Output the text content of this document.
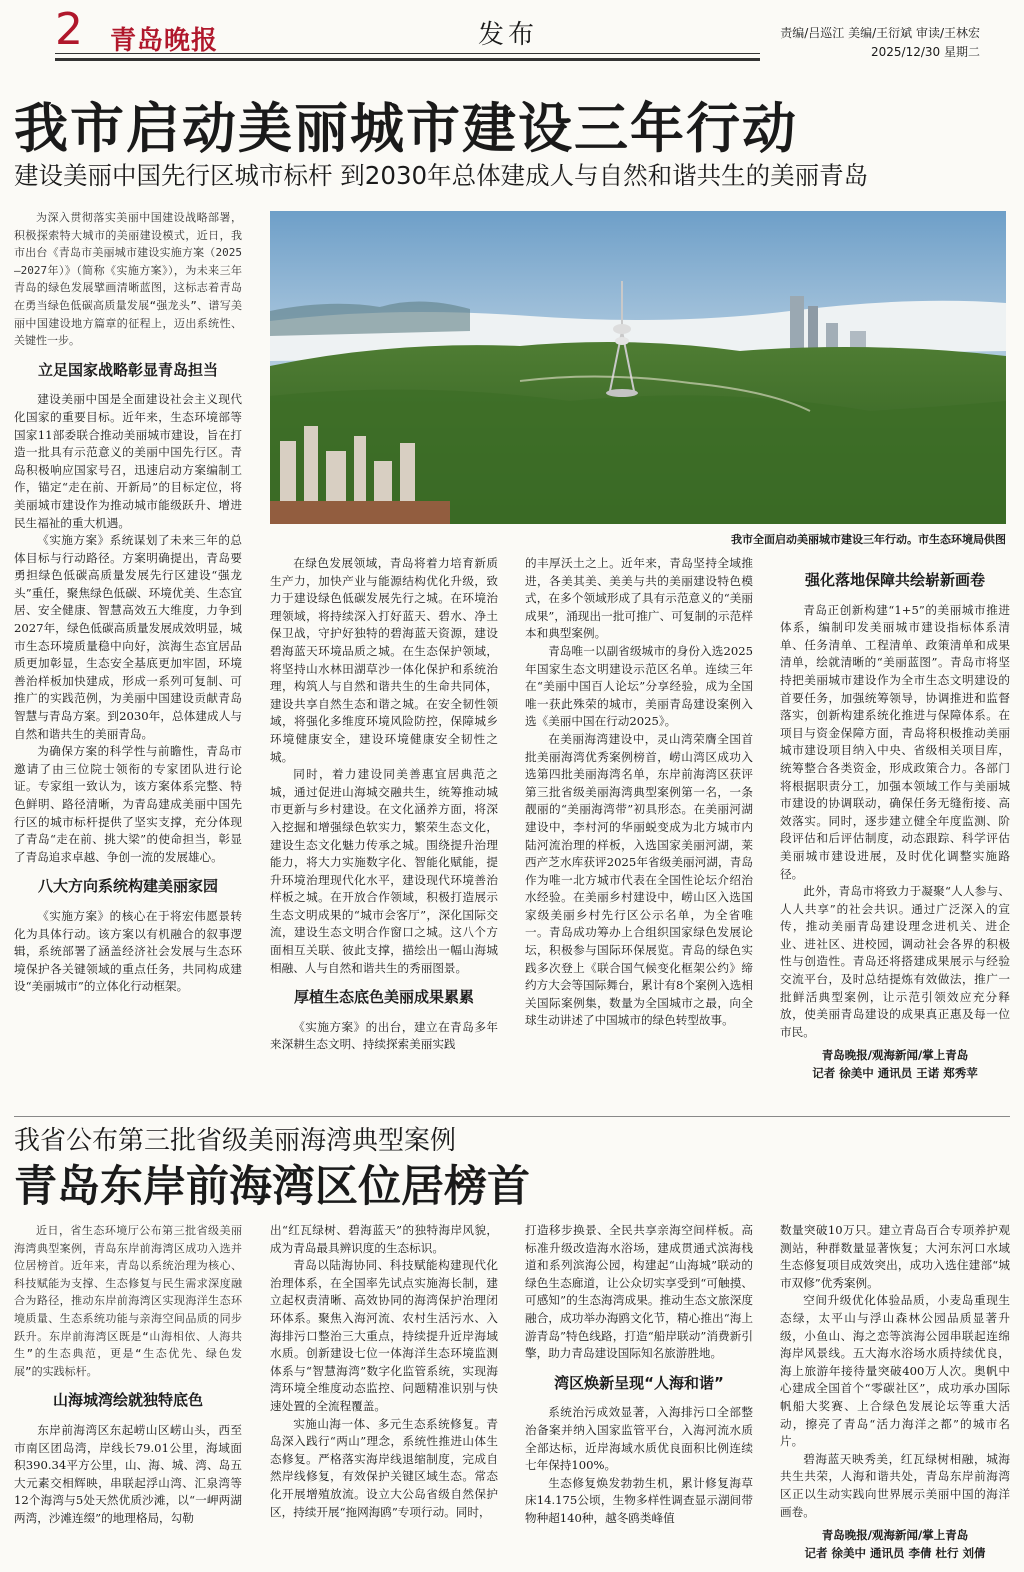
2 青岛晚报	发布	责编/吕巡江 美编/王衍斌 审读/王林宏
2025/12/30 星期二
我市启动美丽城市建设三年行动
建设美丽中国先行区城市标杆 到2030年总体建成人与自然和谐共生的美丽青岛

为深入贯彻落实美丽中国建设战略部署，积极探索特大城市的美丽建设模式，近日，我市出台《青岛市美丽城市建设实施方案（2025—2027年）》（简称《实施方案》），为未来三年青岛的绿色发展擘画清晰蓝图，这标志着青岛在勇当绿色低碳高质量发展“强龙头”、谱写美丽中国建设地方篇章的征程上，迈出系统性、关键性一步。

立足国家战略彰显青岛担当

建设美丽中国是全面建设社会主义现代化国家的重要目标。近年来，生态环境部等国家11部委联合推动美丽城市建设，旨在打造一批具有示范意义的美丽中国先行区。青岛积极响应国家号召，迅速启动方案编制工作，锚定“走在前、开新局”的目标定位，将美丽城市建设作为推动城市能级跃升、增进民生福祉的重大机遇。

《实施方案》系统谋划了未来三年的总体目标与行动路径。方案明确提出，青岛要勇担绿色低碳高质量发展先行区建设“强龙头”重任，聚焦绿色低碳、环境优美、生态宜居、安全健康、智慧高效五大维度，力争到2027年，绿色低碳高质量发展成效明显，城市生态环境质量稳中向好，滨海生态宜居品质更加彰显，生态安全基底更加牢固，环境善治样板加快建成，形成一系列可复制、可推广的实践范例，为美丽中国建设贡献青岛智慧与青岛方案。到2030年，总体建成人与自然和谐共生的美丽青岛。

为确保方案的科学性与前瞻性，青岛市邀请了由三位院士领衔的专家团队进行论证。专家组一致认为，该方案体系完整、特色鲜明、路径清晰，为青岛建成美丽中国先行区的城市标杆提供了坚实支撑，充分体现了青岛“走在前、挑大梁”的使命担当，彰显了青岛追求卓越、争创一流的发展雄心。

八大方向系统构建美丽家园

《实施方案》的核心在于将宏伟愿景转化为具体行动。该方案以有机融合的叙事逻辑，系统部署了涵盖经济社会发展与生态环境保护各关键领域的重点任务，共同构成建设“美丽城市”的立体化行动框架。

我市全面启动美丽城市建设三年行动。市生态环境局供图

在绿色发展领域，青岛将着力培育新质生产力，加快产业与能源结构优化升级，致力于建设绿色低碳发展先行之城。在环境治理领域，将持续深入打好蓝天、碧水、净土保卫战，守护好独特的碧海蓝天资源，建设碧海蓝天环境品质之城。在生态保护领域，将坚持山水林田湖草沙一体化保护和系统治理，构筑人与自然和谐共生的生命共同体，建设共享自然生态和谐之城。在安全韧性领域，将强化多维度环境风险防控，保障城乡环境健康安全，建设环境健康安全韧性之城。

同时，着力建设同美善惠宜居典范之城，通过促进山海城交融共生，统筹推动城市更新与乡村建设。在文化涵养方面，将深入挖掘和增强绿色软实力，繁荣生态文化，建设生态文化魅力传承之城。围绕提升治理能力，将大力实施数字化、智能化赋能，提升环境治理现代化水平，建设现代环境善治样板之城。在开放合作领域，积极打造展示生态文明成果的“城市会客厅”，深化国际交流，建设生态文明合作窗口之城。这八个方面相互关联、彼此支撑，描绘出一幅山海城相融、人与自然和谐共生的秀丽图景。

厚植生态底色美丽成果累累

《实施方案》的出台，建立在青岛多年来深耕生态文明、持续探索美丽实践

的丰厚沃土之上。近年来，青岛坚持全域推进，各美其美、美美与共的美丽建设特色模式，在多个领域形成了具有示范意义的“美丽成果”，涌现出一批可推广、可复制的示范样本和典型案例。

青岛唯一以副省级城市的身份入选2025年国家生态文明建设示范区名单。连续三年在“美丽中国百人论坛”分享经验，成为全国唯一获此殊荣的城市，美丽青岛建设案例入选《美丽中国在行动2025》。

在美丽海湾建设中，灵山湾荣膺全国首批美丽海湾优秀案例榜首，崂山湾区成功入选第四批美丽海湾名单，东岸前海湾区获评第三批省级美丽海湾典型案例第一名，一条靓丽的“美丽海湾带”初具形态。在美丽河湖建设中，李村河的华丽蜕变成为北方城市内陆河流治理的样板，入选国家美丽河湖，莱西产芝水库获评2025年省级美丽河湖，青岛作为唯一北方城市代表在全国性论坛介绍治水经验。在美丽乡村建设中，崂山区入选国家级美丽乡村先行区公示名单，为全省唯一。青岛成功筹办上合组织国家绿色发展论坛，积极参与国际环保展览。青岛的绿色实践多次登上《联合国气候变化框架公约》缔约方大会等国际舞台，累计有8个案例入选相关国际案例集，数量为全国城市之最，向全球生动讲述了中国城市的绿色转型故事。

强化落地保障共绘崭新画卷

青岛正创新构建“1+5”的美丽城市推进体系，编制印发美丽城市建设指标体系清单、任务清单、工程清单、政策清单和成果清单，绘就清晰的“美丽蓝图”。青岛市将坚持把美丽城市建设作为全市生态文明建设的首要任务，加强统筹领导，协调推进和监督落实，创新构建系统化推进与保障体系。在项目与资金保障方面，青岛将积极推动美丽城市建设项目纳入中央、省级相关项目库，统筹整合各类资金，形成政策合力。各部门将根据职责分工，加强本领域工作与美丽城市建设的协调联动，确保任务无缝衔接、高效落实。同时，逐步建立健全年度监测、阶段评估和后评估制度，动态跟踪、科学评估美丽城市建设进展，及时优化调整实施路径。

此外，青岛市将致力于凝聚“人人参与、人人共享”的社会共识。通过广泛深入的宣传，推动美丽青岛建设理念进机关、进企业、进社区、进校园，调动社会各界的积极性与创造性。青岛还将搭建成果展示与经验交流平台，及时总结提炼有效做法，推广一批鲜活典型案例，让示范引领效应充分释放，使美丽青岛建设的成果真正惠及每一位市民。

青岛晚报/观海新闻/掌上青岛

记者 徐美中 通讯员 王诺 郑秀苹

我省公布第三批省级美丽海湾典型案例
青岛东岸前海湾区位居榜首

近日，省生态环境厅公布第三批省级美丽海湾典型案例，青岛东岸前海湾区成功入选并位居榜首。近年来，青岛以系统治理为核心、科技赋能为支撑、生态修复与民生需求深度融合为路径，推动东岸前海湾区实现海洋生态环境质量、生态系统功能与亲海空间品质的同步跃升。东岸前海湾区既是“山海相依、人海共生”的生态典范，更是“生态优先、绿色发展”的实践标杆。

山海城湾绘就独特底色

东岸前海湾区东起崂山区崂山头，西至市南区团岛湾，岸线长79.01公里，海域面积390.34平方公里，山、海、城、湾、岛五大元素交相辉映，串联起浮山湾、汇泉湾等12个海湾与5处天然优质沙滩，以“一岬两湖两湾，沙滩连缀”的地理格局，勾勒

出“红瓦绿树、碧海蓝天”的独特海岸风貌，成为青岛最具辨识度的生态标识。

青岛以陆海协同、科技赋能构建现代化治理体系，在全国率先试点实施海长制，建立起权责清晰、高效协同的海湾保护治理闭环体系。聚焦入海河流、农村生活污水、入海排污口整治三大重点，持续提升近岸海域水质。创新建设七位一体海洋生态环境监测体系与“智慧海湾”数字化监管系统，实现海湾环境全维度动态监控、问题精准识别与快速处置的全流程覆盖。

实施山海一体、多元生态系统修复。青岛深入践行“两山”理念，系统性推进山体生态修复。严格落实海岸线退缩制度，完成自然岸线修复，有效保护关键区域生态。常态化开展增殖放流。设立大公岛省级自然保护区，持续开展“拖网海鸥”专项行动。同时，

打造移步换景、全民共享亲海空间样板。高标准升级改造海水浴场，建成贯通式滨海栈道和系列滨海公园，构建起“山海城”联动的绿色生态廊道，让公众切实享受到“可触摸、可感知”的生态海湾成果。推动生态文旅深度融合，成功举办海鸥文化节，精心推出“海上游青岛”特色线路，打造“船岸联动”消费新引擎，助力青岛建设国际知名旅游胜地。

湾区焕新呈现“人海和谐”

系统治污成效显著，入海排污口全部整治备案并纳入国家监管平台，入海河流水质全部达标，近岸海域水质优良面积比例连续七年保持100%。

生态修复焕发勃勃生机，累计修复海草床14.175公顷，生物多样性调查显示湖间带物种超140种，越冬鸥类峰值

数量突破10万只。建立青岛百合专项养护观测站，种群数量显著恢复；大河东河口水域生态修复项目成效突出，成功入选住建部“城市双修”优秀案例。

空间升级优化体验品质，小麦岛重现生态绿，太平山与浮山森林公园品质显著升级，小鱼山、海之恋等滨海公园串联起连绵海岸风景线。五大海水浴场水质持续优良，海上旅游年接待量突破400万人次。奥帆中心建成全国首个“零碳社区”，成功承办国际帆船大奖赛、上合绿色发展论坛等重大活动，擦亮了青岛“活力海洋之都”的城市名片。

碧海蓝天映秀美，红瓦绿树相融，城海共生共荣，人海和谐共处，青岛东岸前海湾区正以生动实践向世界展示美丽中国的海洋画卷。

青岛晚报/观海新闻/掌上青岛

记者 徐美中 通讯员 李倩 杜行 刘倩
